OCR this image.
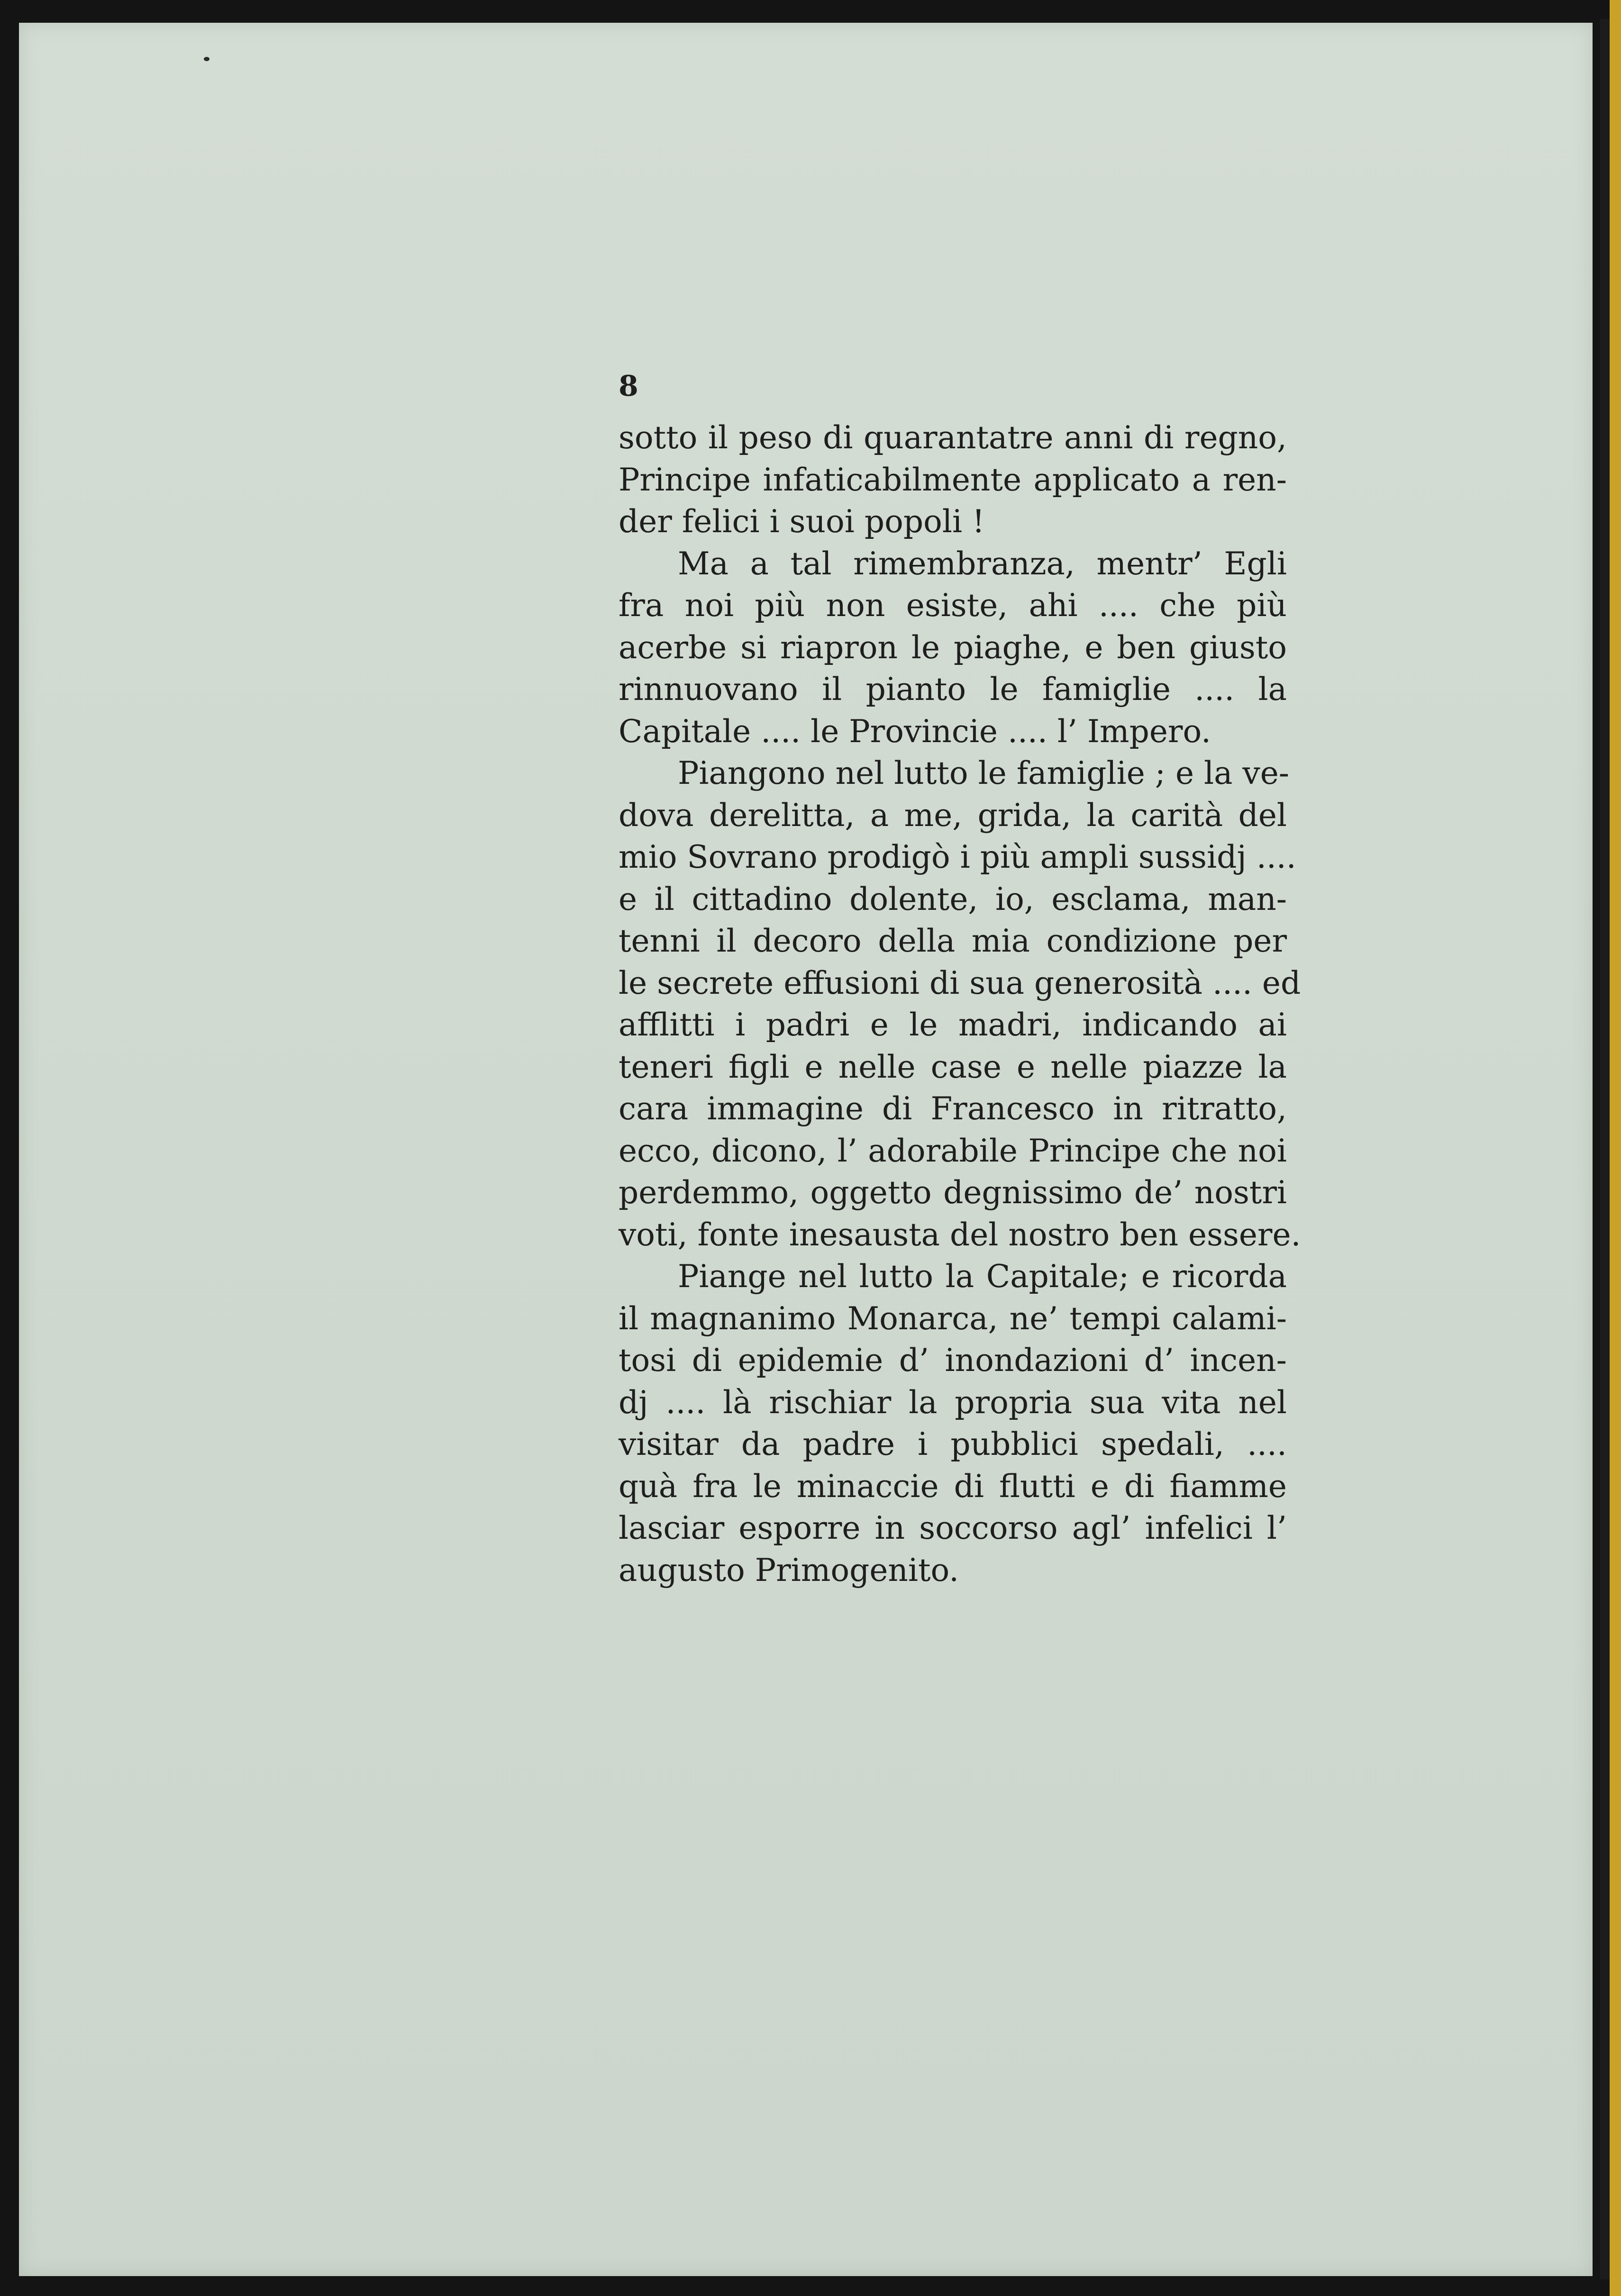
8
sotto il peso di quarantatre anni di regno,
Principe infaticabilmente applicato a ren-
der felici i suoi popoli !
Ma a tal rimembranza, mentr’ Egli
fra noi più non esiste, ahi .... che più
acerbe si riapron le piaghe, e ben giusto
rinnuovano il pianto le famiglie .... la
Capitale .... le Provincie .... l’ Impero.
Piangono nel lutto le famiglie ; e la ve-
dova derelitta, a me, grida, la carità del
mio Sovrano prodigò i più ampli sussidj ....
e il cittadino dolente, io, esclama, man-
tenni il decoro della mia condizione per
le secrete effusioni di sua generosità .... ed
afflitti i padri e le madri, indicando ai
teneri figli e nelle case e nelle piazze la
cara immagine di Francesco in ritratto,
ecco, dicono, l’ adorabile Principe che noi
perdemmo, oggetto degnissimo de’ nostri
voti, fonte inesausta del nostro ben essere.
Piange nel lutto la Capitale; e ricorda
il magnanimo Monarca, ne’ tempi calami-
tosi di epidemie d’ inondazioni d’ incen-
dj .... là rischiar la propria sua vita nel
visitar da padre i pubblici spedali, ....
quà fra le minaccie di flutti e di fiamme
lasciar esporre in soccorso agl’ infelici l’
augusto Primogenito.
